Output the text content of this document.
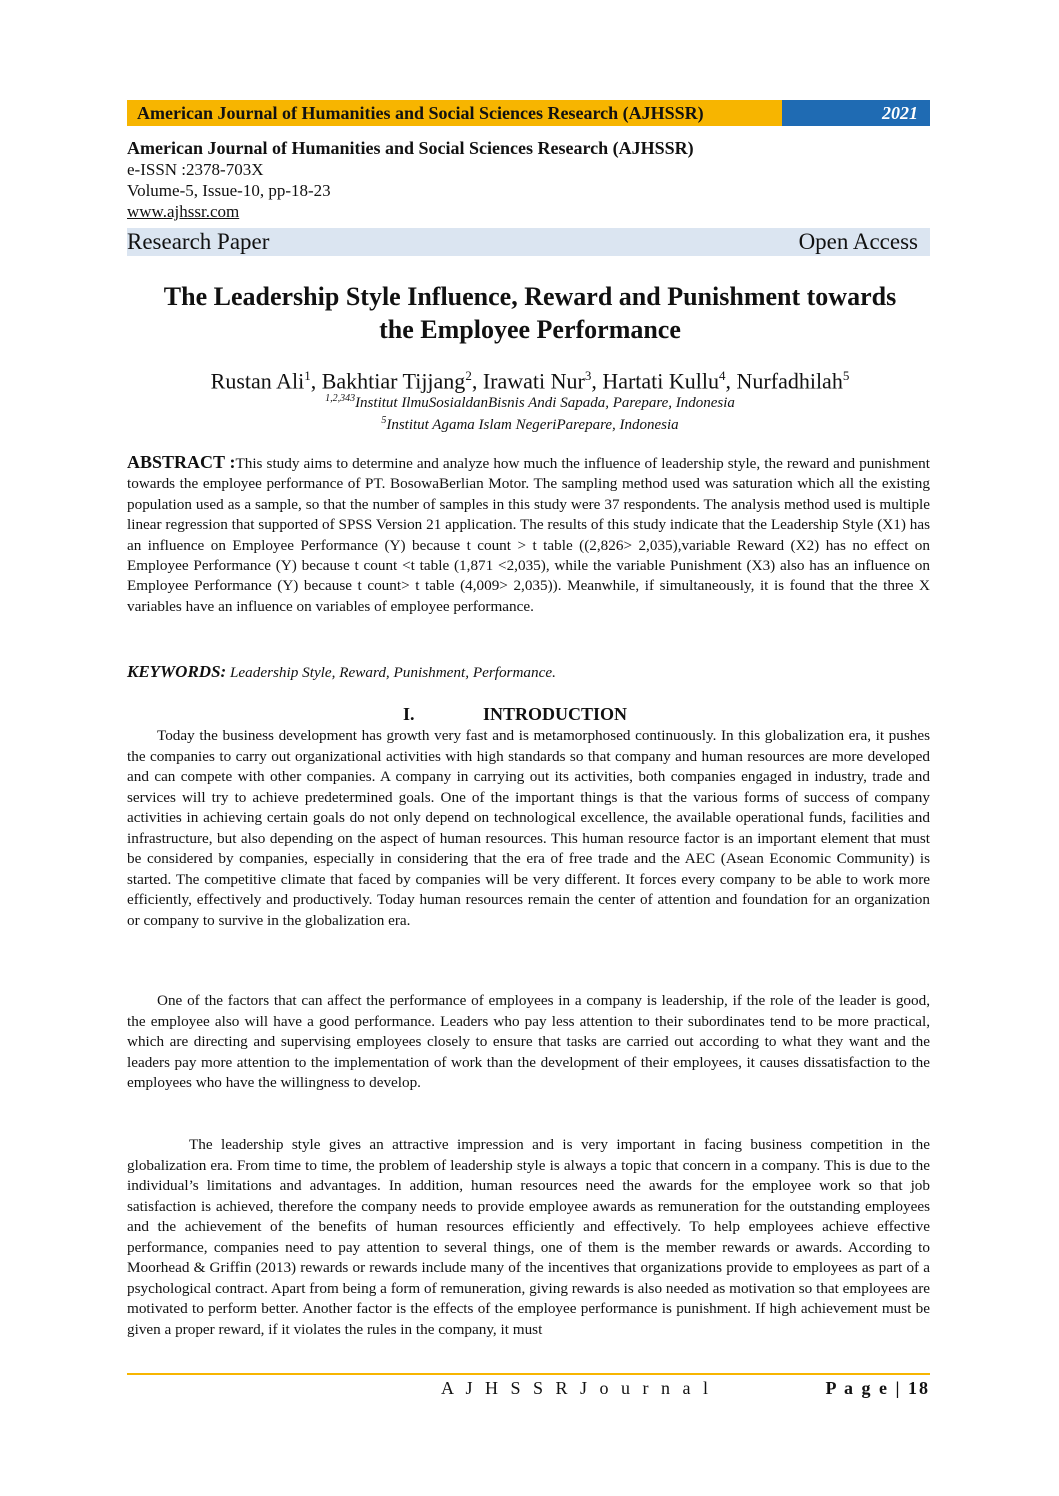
American Journal of Humanities and Social Sciences Research (AJHSSR)	2021
American Journal of Humanities and Social Sciences Research (AJHSSR)
e-ISSN :2378-703X
Volume-5, Issue-10, pp-18-23
www.ajhssr.com
Research Paper	Open Access
The Leadership Style Influence, Reward and Punishment towards
the Employee Performance
Rustan Ali$^1$, Bakhtiar Tijjang$^2$, Irawati Nur$^3$, Hartati Kullu$^4$, Nurfadhilah$^5$
$^{1,2,343}$Institut IlmuSosialdanBisnis Andi Sapada, Parepare, Indonesia
$^5$Institut Agama Islam NegeriParepare, Indonesia
ABSTRACT :This study aims to determine and analyze how much the influence of leadership style, the reward and punishment towards the employee performance of PT. BosowaBerlian Motor. The sampling method used was saturation which all the existing population used as a sample, so that the number of samples in this study were 37 respondents. The analysis method used is multiple linear regression that supported of SPSS Version 21 application. The results of this study indicate that the Leadership Style (X1) has an influence on Employee Performance (Y) because t count > t table ((2,826> 2,035),variable Reward (X2) has no effect on Employee Performance (Y) because t count <t table (1,871 <2,035), while the variable Punishment (X3) also has an influence on Employee Performance (Y) because t count> t table (4,009> 2,035)). Meanwhile, if simultaneously, it is found that the three X variables have an influence on variables of employee performance.
KEYWORDS: Leadership Style, Reward, Punishment, Performance.
I.	INTRODUCTION

Today the business development has growth very fast and is metamorphosed continuously. In this globalization era, it pushes the companies to carry out organizational activities with high standards so that company and human resources are more developed and can compete with other companies. A company in carrying out its activities, both companies engaged in industry, trade and services will try to achieve predetermined goals. One of the important things is that the various forms of success of company activities in achieving certain goals do not only depend on technological excellence, the available operational funds, facilities and infrastructure, but also depending on the aspect of human resources. This human resource factor is an important element that must be considered by companies, especially in considering that the era of free trade and the AEC (Asean Economic Community) is started. The competitive climate that faced by companies will be very different. It forces every company to be able to work more efficiently, effectively and productively. Today human resources remain the center of attention and foundation for an organization or company to survive in the globalization era.

One of the factors that can affect the performance of employees in a company is leadership, if the role of the leader is good, the employee also will have a good performance. Leaders who pay less attention to their subordinates tend to be more practical, which are directing and supervising employees closely to ensure that tasks are carried out according to what they want and the leaders pay more attention to the implementation of work than the development of their employees, it causes dissatisfaction to the employees who have the willingness to develop.

The leadership style gives an attractive impression and is very important in facing business competition in the globalization era. From time to time, the problem of leadership style is always a topic that concern in a company. This is due to the individual’s limitations and advantages. In addition, human resources need the awards for the employee work so that job satisfaction is achieved, therefore the company needs to provide employee awards as remuneration for the outstanding employees and the achievement of the benefits of human resources efficiently and effectively. To help employees achieve effective performance, companies need to pay attention to several things, one of them is the member rewards or awards. According to Moorhead & Griffin (2013) rewards or rewards include many of the incentives that organizations provide to employees as part of a psychological contract. Apart from being a form of remuneration, giving rewards is also needed as motivation so that employees are motivated to perform better. Another factor is the effects of the employee performance is punishment. If high achievement must be given a proper reward, if it violates the rules in the company, it must

A J H S S R J o u r n a l	P a g e | 18
